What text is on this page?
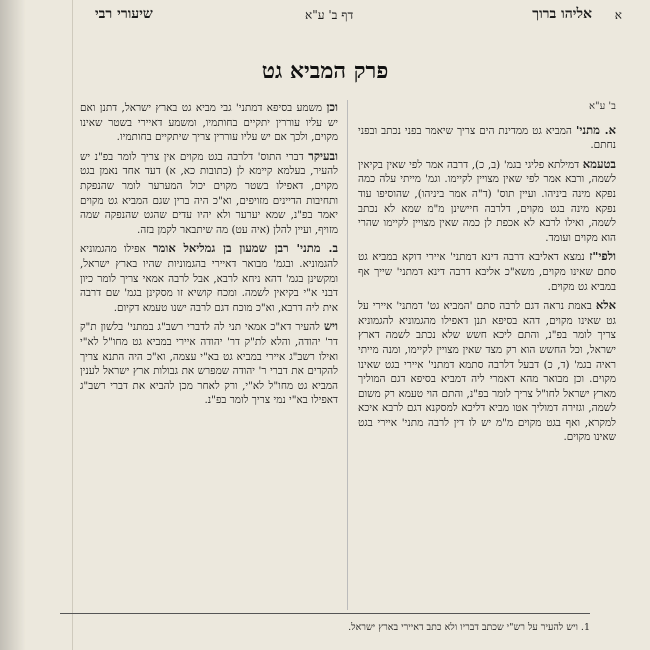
א
אליהו ברוך
דף ב' ע"א
שיעורי רבי
פרק המביא גט
ב' ע"א

א. מתני' המביא גט ממדינת הים צריך שיאמר בפני נכתב ובפני נחתם.

בטעמא דמילתא פליגי בגמ' (ב, כ), דרבה אמר לפי שאין בקיאין לשמה, ורבא אמר לפי שאין מצויין לקיימו. וגמ' מייתי עלה כמה נפקא מינה ביניהו. ועיין תוס' (ד"ה אמר ביניהו), שהוסיפו עוד נפקא מינה בגט מקוים, דלרבה חיישינן מ"מ שמא לא נכתב לשמה, ואילו לרבא לא אכפת לן כמה שאין מצויין לקיימו שהרי הוא מקוים ועומד.

ולפי"ז נמצא דאליבא דרבה דינא דמתני' איירי דוקא במביא גט סתם שאינו מקוים, משא"כ אליבא דרבה דינא דמתני' שייך אף במביא גט מקוים.

אלא באמת נראה דגם לרבה סתם 'המביא גט' דמתני' איירי על גט שאינו מקוים, דהא בסיפא תנן דאפילו מהגמוניא להגמוניא צריך לומר בפ"נ, והתם ליכא חשש שלא נכתב לשמה דארץ ישראל, וכל החשש הוא רק מצד שאין מצויין לקיימו, ומנה מייתי ראיה בגמ' (ד, כ) דבעל דלרבה סתמא דמתני' איירי בגט שאינו מקוים. וכן מבואר מהא דאמרי ליה דמביא בסיפא דגם המוליך מארץ ישראל לחו"ל צריך לומר בפ"נ, והתם הוי טעמא רק משום לשמה, וגזירה דמוליך אטו מביא דליכא למסקנא דגם לרבא איכא למקרא, ואף בגט מקוים מ"מ יש לו דין לרבה מתני' איירי בגט שאינו מקוים.

וכן משמע בסיפא דמתני' גבי מביא גט בארץ ישראל, דתנן ואם יש עליו עוררין יתקיים בחותמיו, ומשמע דאיירי בשטר שאינו מקוים, ולכך אם יש עליו עוררין צריך שיתקיים בחותמיו.

ובעיקר דברי התוס' דלרבה בגט מקוים אין צריך לומר בפ"נ יש להעיר, בעלמא קיימא לן (כתובות כא, א) דעד אחד נאמן בגט מקוים, דאפילו בשטר מקוים יכול המערער לומר שהנפקת ותחיבות הדיינים מזויפים, וא"כ היה ברין שגם המביא גט מקוים יאמר בפ"נ, שמא יערער ולא יהיו עדים שהגט שהנפקה שמה מזויף, ועיין להלן (איה עט) מה שיתבאר לקמן בזה.

ב. מתני' רבן שמעון בן גמליאל אומר אפילו מהגמוניא להגמוניא. ובגמ' מבואר דאיירי בהגמוניות שהיו בארץ ישראל, ומקשינן בגמ' דהא ניחא לרבא, אבל לרבה אמאי צריך לומר כיון דבני א"י בקיאין לשמה. ומכח קושיא זו מסקינן בגמ' שם דרבה אית ליה דרבא, וא"כ מוכח דגם לרבה ישנו טעמא דקיום.

ויש להעיר דא"כ אמאי תני לה לדברי רשב"ג במתני' בלשון ת"ק דר' יהודה, והלא לת"ק דר' יהודה איירי במביא גט מחו"ל לא"י ואילו רשב"ג איירי במביא גט בא"י עצמה, וא"כ היה התנא צריך להקדים את דברי ר' יהודה שמפרש את גבולות ארץ ישראל לענין המביא גט מחו"ל לא"י, ורק לאחר מכן להביא את דברי רשב"ג דאפילו בא"י נמי צריך לומר בפ"נ.

1. ויש להעיר על רש"י שכתב דבריו ולא כתב דאיירי בארץ ישראל.
